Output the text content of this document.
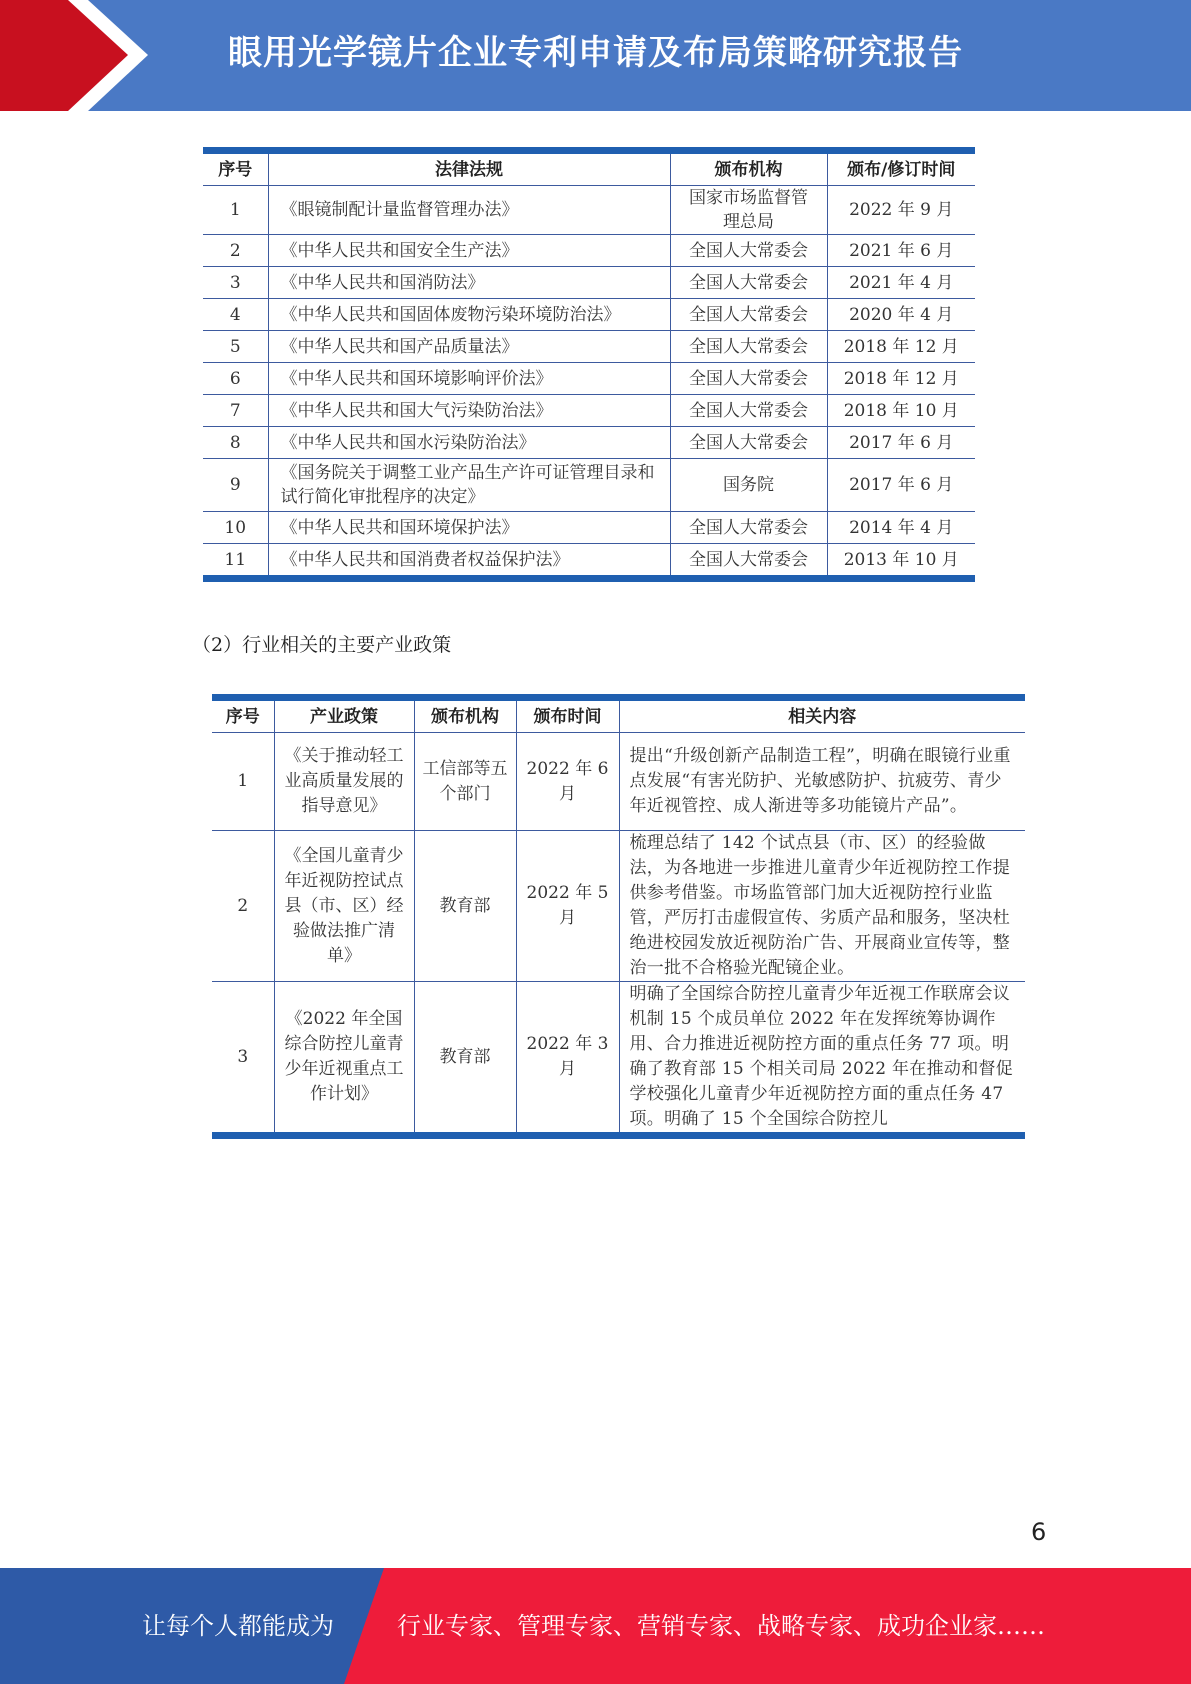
眼用光学镜片企业专利申请及布局策略研究报告
序号	法律法规	颁布机构	颁布/修订时间
1	《眼镜制配计量监督管理办法》	国家市场监督管理总局	2022 年 9 月
2	《中华人民共和国安全生产法》	全国人大常委会	2021 年 6 月
3	《中华人民共和国消防法》	全国人大常委会	2021 年 4 月
4	《中华人民共和国固体废物污染环境防治法》	全国人大常委会	2020 年 4 月
5	《中华人民共和国产品质量法》	全国人大常委会	2018 年 12 月
6	《中华人民共和国环境影响评价法》	全国人大常委会	2018 年 12 月
7	《中华人民共和国大气污染防治法》	全国人大常委会	2018 年 10 月
8	《中华人民共和国水污染防治法》	全国人大常委会	2017 年 6 月
9	《国务院关于调整工业产品生产许可证管理目录和试行简化审批程序的决定》	国务院	2017 年 6 月
10	《中华人民共和国环境保护法》	全国人大常委会	2014 年 4 月
11	《中华人民共和国消费者权益保护法》	全国人大常委会	2013 年 10 月
（2）行业相关的主要产业政策
序号	产业政策	颁布机构	颁布时间	相关内容
1	《关于推动轻工业高质量发展的指导意见》	工信部等五个部门	2022 年 6 月	提出“升级创新产品制造工程”，明确在眼镜行业重点发展“有害光防护、光敏感防护、抗疲劳、青少年近视管控、成人渐进等多功能镜片产品”。
2	《全国儿童青少年近视防控试点县（市、区）经验做法推广清单》	教育部	2022 年 5 月	梳理总结了 142 个试点县（市、区）的经验做法，为各地进一步推进儿童青少年近视防控工作提供参考借鉴。市场监管部门加大近视防控行业监管，严厉打击虚假宣传、劣质产品和服务，坚决杜绝进校园发放近视防治广告、开展商业宣传等，整治一批不合格验光配镜企业。
3	《2022 年全国综合防控儿童青少年近视重点工作计划》	教育部	2022 年 3 月	明确了全国综合防控儿童青少年近视工作联席会议机制 15 个成员单位 2022 年在发挥统筹协调作用、合力推进近视防控方面的重点任务 77 项。明确了教育部 15 个相关司局 2022 年在推动和督促学校强化儿童青少年近视防控方面的重点任务 47 项。明确了 15 个全国综合防控儿
6
让每个人都能成为	行业专家、管理专家、营销专家、战略专家、成功企业家……
